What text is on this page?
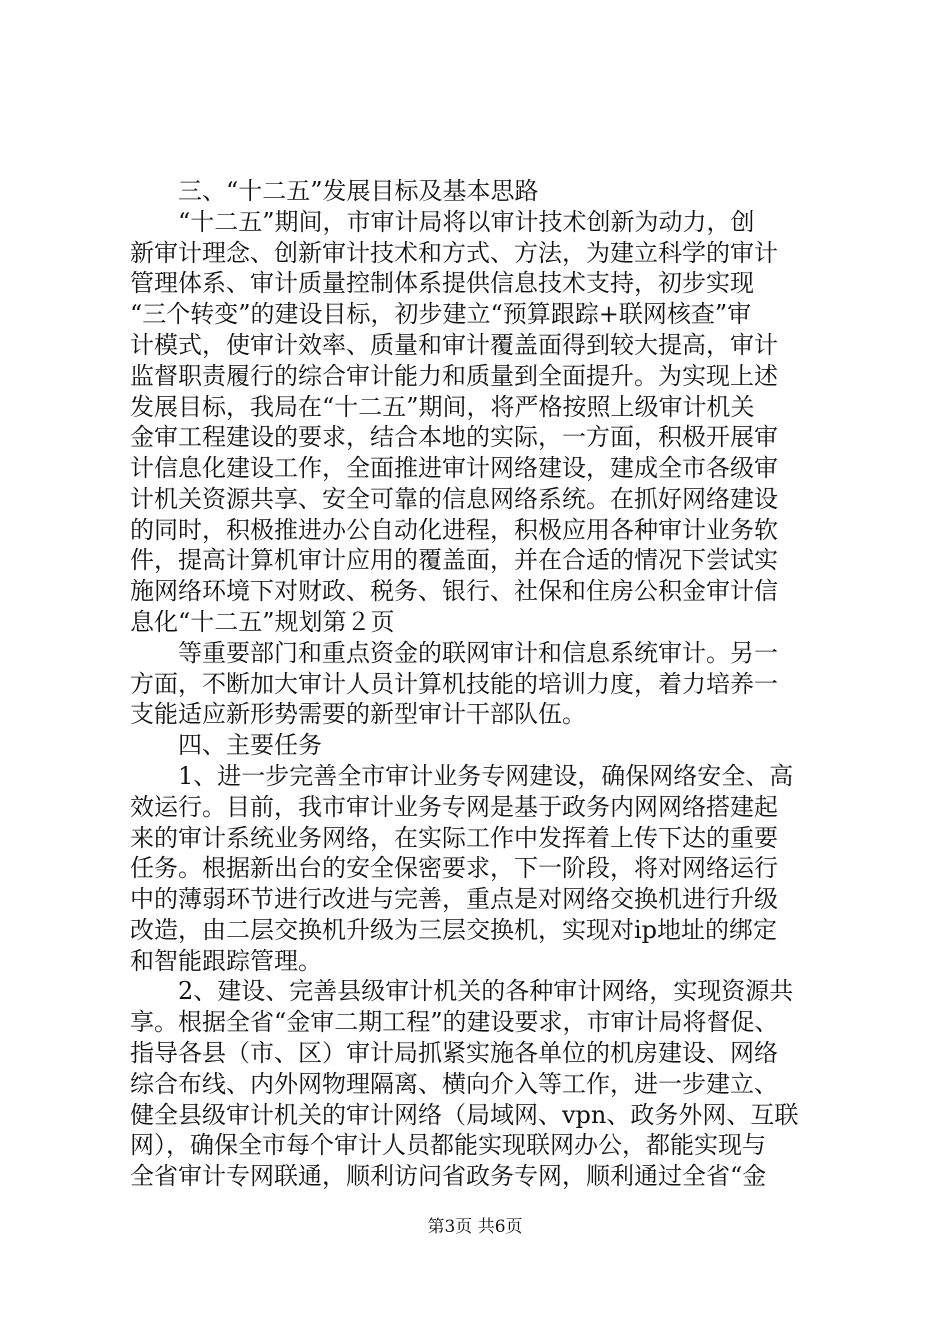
　　三、“十二五”发展目标及基本思路
　　“十二五”期间，市审计局将以审计技术创新为动力，创
新审计理念、创新审计技术和方式、方法，为建立科学的审计
管理体系、审计质量控制体系提供信息技术支持，初步实现
“三个转变”的建设目标，初步建立“预算跟踪+联网核查”审
计模式，使审计效率、质量和审计覆盖面得到较大提高，审计
监督职责履行的综合审计能力和质量到全面提升。为实现上述
发展目标，我局在“十二五”期间，将严格按照上级审计机关
金审工程建设的要求，结合本地的实际，一方面，积极开展审
计信息化建设工作，全面推进审计网络建设，建成全市各级审
计机关资源共享、安全可靠的信息网络系统。在抓好网络建设
的同时，积极推进办公自动化进程，积极应用各种审计业务软
件，提高计算机审计应用的覆盖面，并在合适的情况下尝试实
施网络环境下对财政、税务、银行、社保和住房公积金审计信
息化“十二五”规划第２页
　　等重要部门和重点资金的联网审计和信息系统审计。另一
方面，不断加大审计人员计算机技能的培训力度，着力培养一
支能适应新形势需要的新型审计干部队伍。
　　四、主要任务
　　1、进一步完善全市审计业务专网建设，确保网络安全、高
效运行。目前，我市审计业务专网是基于政务内网网络搭建起
来的审计系统业务网络，在实际工作中发挥着上传下达的重要
任务。根据新出台的安全保密要求，下一阶段，将对网络运行
中的薄弱环节进行改进与完善，重点是对网络交换机进行升级
改造，由二层交换机升级为三层交换机，实现对ip地址的绑定
和智能跟踪管理。
　　2、建设、完善县级审计机关的各种审计网络，实现资源共
享。根据全省“金审二期工程”的建设要求，市审计局将督促、
指导各县（市、区）审计局抓紧实施各单位的机房建设、网络
综合布线、内外网物理隔离、横向介入等工作，进一步建立、
健全县级审计机关的审计网络（局域网、vpn、政务外网、互联
网），确保全市每个审计人员都能实现联网办公，都能实现与
全省审计专网联通，顺利访问省政务专网，顺利通过全省“金
第3页 共6页
